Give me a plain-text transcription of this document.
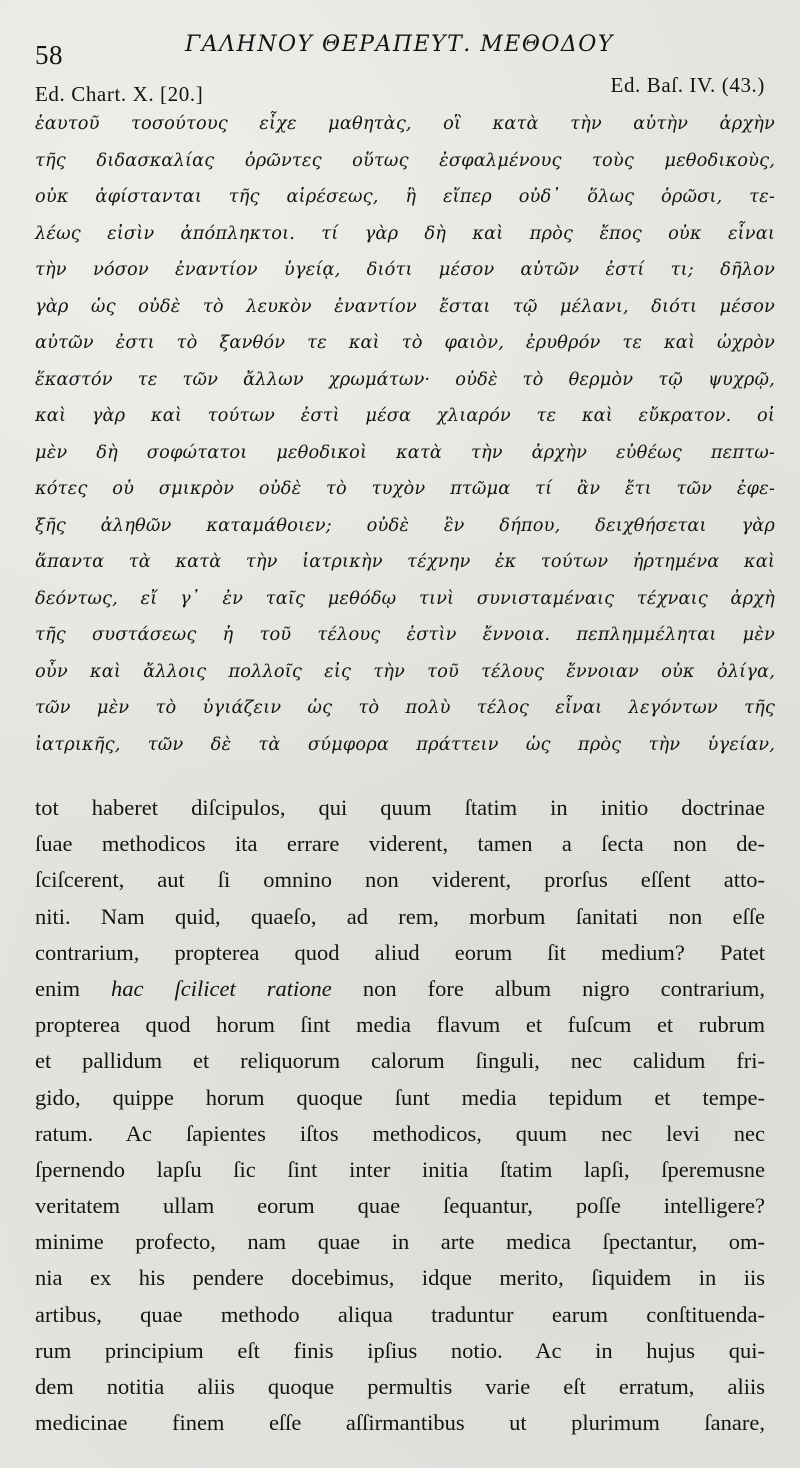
58	ΓΑΛΗΝΟΥ ΘΕΡΑΠΕΥΤ. ΜΕΘΟΔΟΥ
Ed. Chart. X. [20.]	Ed. Baſ. IV. (43.)
ἑαυτοῦ τοσούτους εἶχε μαθητὰς, οἳ κατὰ τὴν αὐτὴν ἀρχὴν
τῆς διδασκαλίας ὁρῶντες οὕτως ἐσφαλμένους τοὺς μεθοδικοὺς,
οὐκ ἀφίστανται τῆς αἱρέσεως, ἢ εἴπερ οὐδ᾽ ὅλως ὁρῶσι, τε-
λέως εἰσὶν ἀπόπληκτοι. τί γὰρ δὴ καὶ πρὸς ἔπος οὐκ εἶναι
τὴν νόσον ἐναντίον ὑγείᾳ, διότι μέσον αὐτῶν ἐστί τι; δῆλον
γὰρ ὡς οὐδὲ τὸ λευκὸν ἐναντίον ἔσται τῷ μέλανι, διότι μέσον
αὐτῶν ἐστι τὸ ξανθόν τε καὶ τὸ φαιὸν, ἐρυθρόν τε καὶ ὠχρὸν
ἕκαστόν τε τῶν ἄλλων χρωμάτων· οὐδὲ τὸ θερμὸν τῷ ψυχρῷ,
καὶ γὰρ καὶ τούτων ἐστὶ μέσα χλιαρόν τε καὶ εὔκρατον. οἱ
μὲν δὴ σοφώτατοι μεθοδικοὶ κατὰ τὴν ἀρχὴν εὐθέως πεπτω-
κότες οὐ σμικρὸν οὐδὲ τὸ τυχὸν πτῶμα τί ἂν ἔτι τῶν ἐφε-
ξῆς ἀληθῶν καταμάθοιεν; οὐδὲ ἓν δήπου, δειχθήσεται γὰρ
ἅπαντα τὰ κατὰ τὴν ἰατρικὴν τέχνην ἐκ τούτων ἠρτημένα καὶ
δεόντως, εἴ γ᾽ ἐν ταῖς μεθόδῳ τινὶ συνισταμέναις τέχναις ἀρχὴ
τῆς συστάσεως ἡ τοῦ τέλους ἐστὶν ἔννοια. πεπλημμέληται μὲν
οὖν καὶ ἄλλοις πολλοῖς εἰς τὴν τοῦ τέλους ἔννοιαν οὐκ ὀλίγα,
τῶν μὲν τὸ ὑγιάζειν ὡς τὸ πολὺ τέλος εἶναι λεγόντων τῆς
ἰατρικῆς, τῶν δὲ τὰ σύμφορα πράττειν ὡς πρὸς τὴν ὑγείαν,
tot haberet diſcipulos, qui quum ſtatim in initio doctrinae
ſuae methodicos ita errare viderent, tamen a ſecta non de-
ſciſcerent, aut ſi omnino non viderent, prorſus eſſent atto-
niti. Nam quid, quaeſo, ad rem, morbum ſanitati non eſſe
contrarium, propterea quod aliud eorum ſit medium? Patet
enim hac ſcilicet ratione non fore album nigro contrarium,
propterea quod horum ſint media flavum et fuſcum et rubrum
et pallidum et reliquorum calorum ſinguli, nec calidum fri-
gido, quippe horum quoque ſunt media tepidum et tempe-
ratum. Ac ſapientes iſtos methodicos, quum nec levi nec
ſpernendo lapſu ſic ſint inter initia ſtatim lapſi, ſperemusne
veritatem ullam eorum quae ſequantur, poſſe intelligere?
minime profecto, nam quae in arte medica ſpectantur, om-
nia ex his pendere docebimus, idque merito, ſiquidem in iis
artibus, quae methodo aliqua traduntur earum conſtituenda-
rum principium eſt finis ipſius notio. Ac in hujus qui-
dem notitia aliis quoque permultis varie eſt erratum, aliis
medicinae finem eſſe aſſirmantibus ut plurimum ſanare,
